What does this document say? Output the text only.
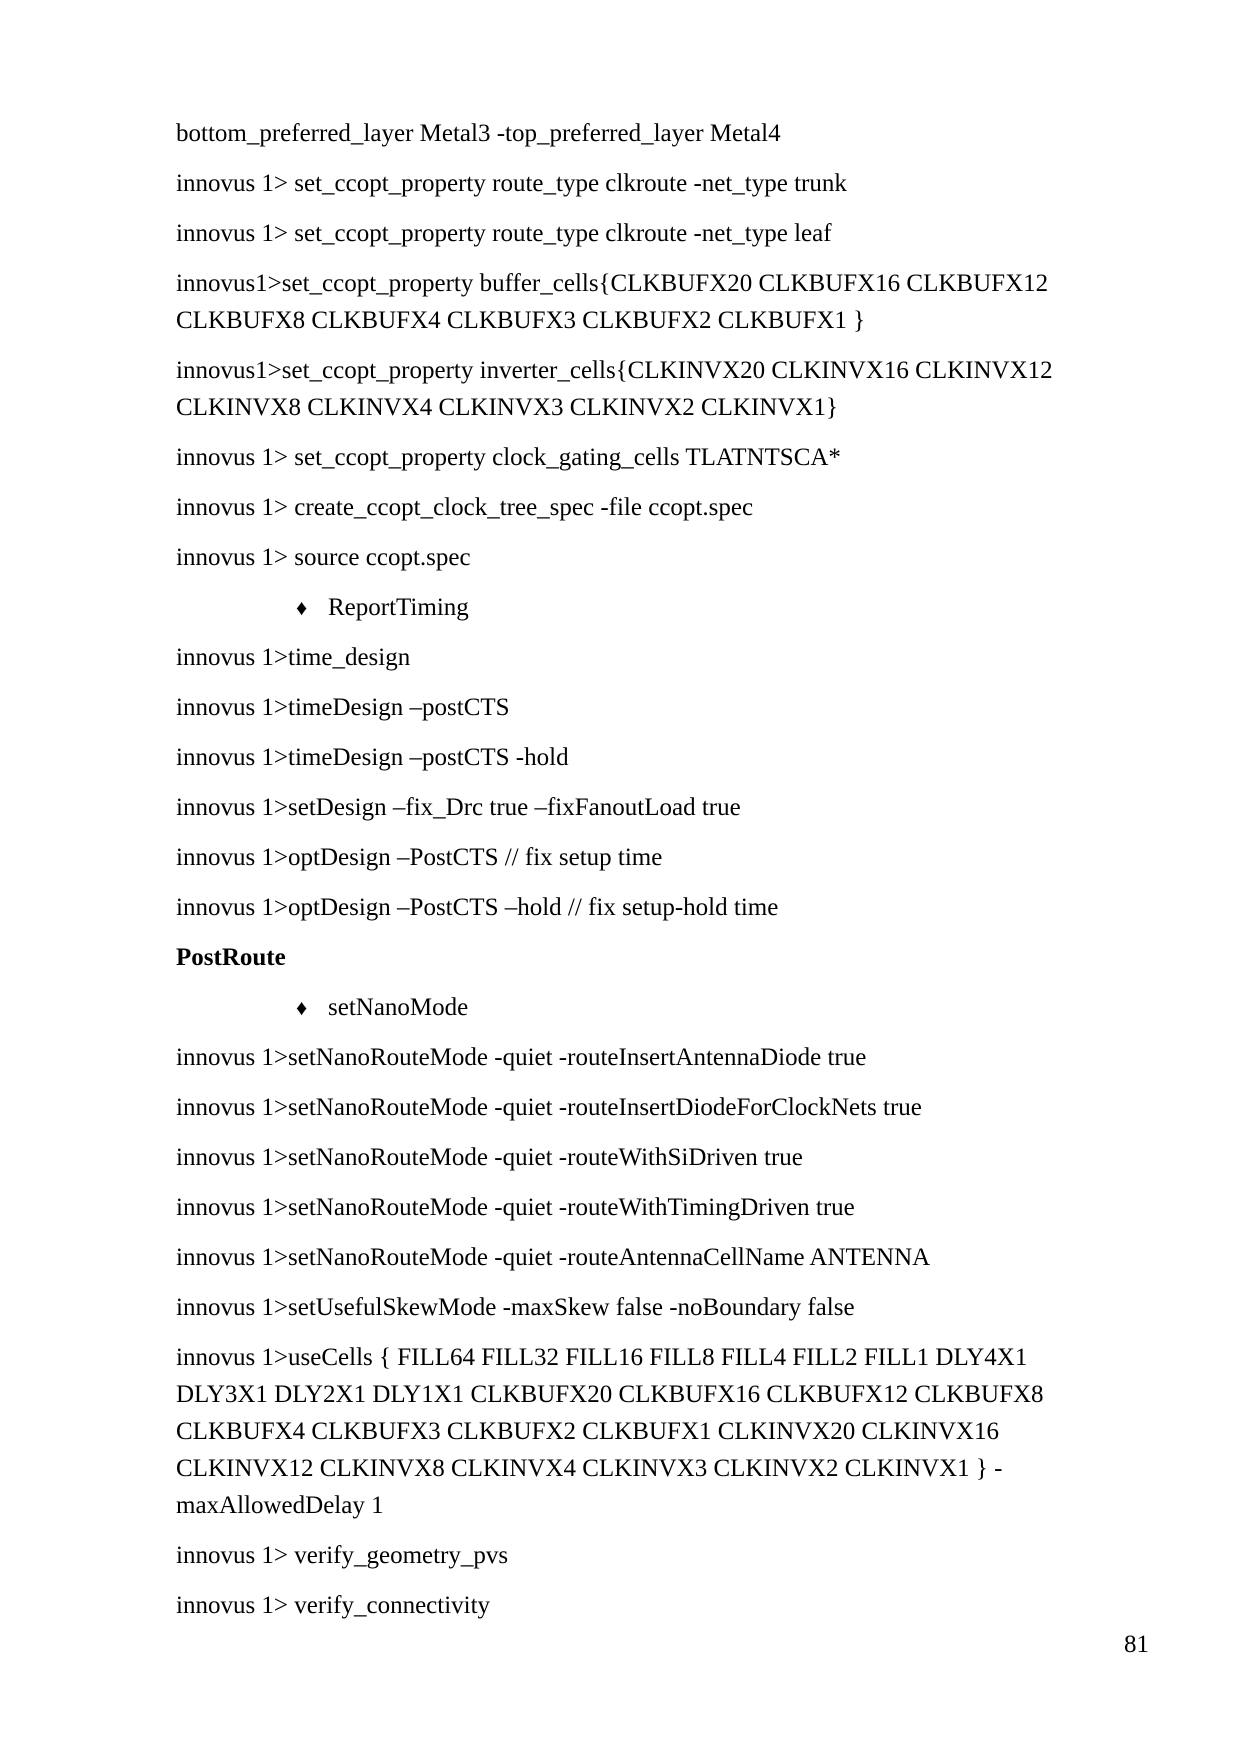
bottom_preferred_layer Metal3 -top_preferred_layer Metal4
innovus 1> set_ccopt_property route_type clkroute -net_type trunk
innovus 1> set_ccopt_property route_type clkroute -net_type leaf
innovus1>set_ccopt_property buffer_cells{CLKBUFX20 CLKBUFX16 CLKBUFX12
CLKBUFX8 CLKBUFX4 CLKBUFX3 CLKBUFX2 CLKBUFX1 }
innovus1>set_ccopt_property inverter_cells{CLKINVX20 CLKINVX16 CLKINVX12
CLKINVX8 CLKINVX4 CLKINVX3 CLKINVX2 CLKINVX1}
innovus 1> set_ccopt_property clock_gating_cells TLATNTSCA*
innovus 1> create_ccopt_clock_tree_spec -file ccopt.spec
innovus 1> source ccopt.spec
♦ ReportTiming
innovus 1>time_design
innovus 1>timeDesign –postCTS
innovus 1>timeDesign –postCTS -hold
innovus 1>setDesign –fix_Drc true –fixFanoutLoad true
innovus 1>optDesign –PostCTS // fix setup time
innovus 1>optDesign –PostCTS –hold // fix setup-hold time
PostRoute
♦ setNanoMode
innovus 1>setNanoRouteMode -quiet -routeInsertAntennaDiode true
innovus 1>setNanoRouteMode -quiet -routeInsertDiodeForClockNets true
innovus 1>setNanoRouteMode -quiet -routeWithSiDriven true
innovus 1>setNanoRouteMode -quiet -routeWithTimingDriven true
innovus 1>setNanoRouteMode -quiet -routeAntennaCellName ANTENNA
innovus 1>setUsefulSkewMode -maxSkew false -noBoundary false
innovus 1>useCells { FILL64 FILL32 FILL16 FILL8 FILL4 FILL2 FILL1 DLY4X1
DLY3X1 DLY2X1 DLY1X1 CLKBUFX20 CLKBUFX16 CLKBUFX12 CLKBUFX8
CLKBUFX4 CLKBUFX3 CLKBUFX2 CLKBUFX1 CLKINVX20 CLKINVX16
CLKINVX12 CLKINVX8 CLKINVX4 CLKINVX3 CLKINVX2 CLKINVX1 } -
maxAllowedDelay 1
innovus 1> verify_geometry_pvs
innovus 1> verify_connectivity
81
